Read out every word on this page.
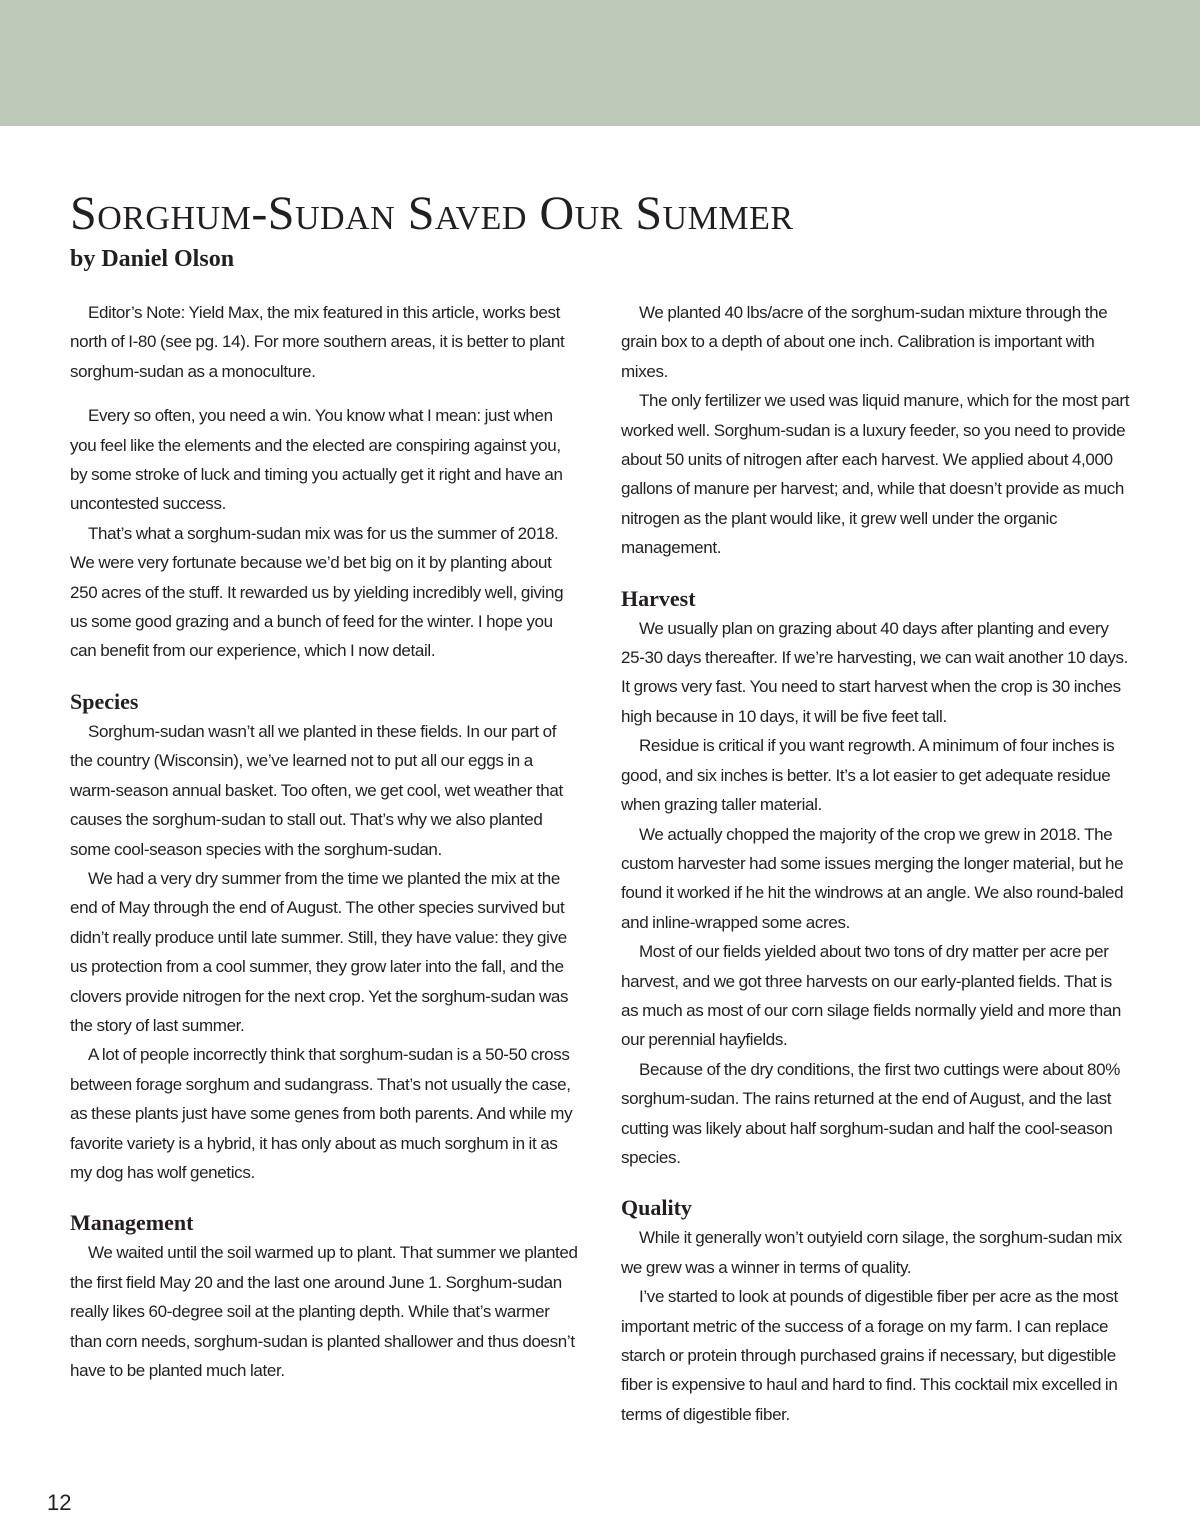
Sorghum-Sudan Saved Our Summer
by Daniel Olson

Editor’s Note: Yield Max, the mix featured in this article, works best north of I-80 (see pg. 14). For more southern areas, it is better to plant sorghum-sudan as a monoculture.

Every so often, you need a win. You know what I mean: just when you feel like the elements and the elected are conspiring against you, by some stroke of luck and timing you actually get it right and have an uncontested success.

That’s what a sorghum-sudan mix was for us the summer of 2018. We were very fortunate because we’d bet big on it by planting about 250 acres of the stuff. It rewarded us by yielding incredibly well, giving us some good grazing and a bunch of feed for the winter. I hope you can benefit from our experience, which I now detail.

Species

Sorghum-sudan wasn’t all we planted in these fields. In our part of the country (Wisconsin), we’ve learned not to put all our eggs in a warm-season annual basket. Too often, we get cool, wet weather that causes the sorghum-sudan to stall out. That’s why we also planted some cool-season species with the sorghum-sudan.

We had a very dry summer from the time we planted the mix at the end of May through the end of August. The other species survived but didn’t really produce until late summer. Still, they have value: they give us protection from a cool summer, they grow later into the fall, and the clovers provide nitrogen for the next crop. Yet the sorghum-sudan was the story of last summer.

A lot of people incorrectly think that sorghum-sudan is a 50-50 cross between forage sorghum and sudangrass. That’s not usually the case, as these plants just have some genes from both parents. And while my favorite variety is a hybrid, it has only about as much sorghum in it as my dog has wolf genetics.

Management

We waited until the soil warmed up to plant. That summer we planted the first field May 20 and the last one around June 1. Sorghum-sudan really likes 60-degree soil at the planting depth. While that’s warmer than corn needs, sorghum-sudan is planted shallower and thus doesn’t have to be planted much later.

We planted 40 lbs/acre of the sorghum-sudan mixture through the grain box to a depth of about one inch. Calibration is important with mixes.

The only fertilizer we used was liquid manure, which for the most part worked well. Sorghum-sudan is a luxury feeder, so you need to provide about 50 units of nitrogen after each harvest. We applied about 4,000 gallons of manure per harvest; and, while that doesn’t provide as much nitrogen as the plant would like, it grew well under the organic management.

Harvest

We usually plan on grazing about 40 days after planting and every 25-30 days thereafter. If we’re harvesting, we can wait another 10 days. It grows very fast. You need to start harvest when the crop is 30 inches high because in 10 days, it will be five feet tall.

Residue is critical if you want regrowth. A minimum of four inches is good, and six inches is better. It’s a lot easier to get adequate residue when grazing taller material.

We actually chopped the majority of the crop we grew in 2018. The custom harvester had some issues merging the longer material, but he found it worked if he hit the windrows at an angle. We also round-baled and inline-wrapped some acres.

Most of our fields yielded about two tons of dry matter per acre per harvest, and we got three harvests on our early-planted fields. That is as much as most of our corn silage fields normally yield and more than our perennial hayfields.

Because of the dry conditions, the first two cuttings were about 80% sorghum-sudan. The rains returned at the end of August, and the last cutting was likely about half sorghum-sudan and half the cool-season species.

Quality

While it generally won’t outyield corn silage, the sorghum-sudan mix we grew was a winner in terms of quality.

I’ve started to look at pounds of digestible fiber per acre as the most important metric of the success of a forage on my farm. I can replace starch or protein through purchased grains if necessary, but digestible fiber is expensive to haul and hard to find. This cocktail mix excelled in terms of digestible fiber.

12
